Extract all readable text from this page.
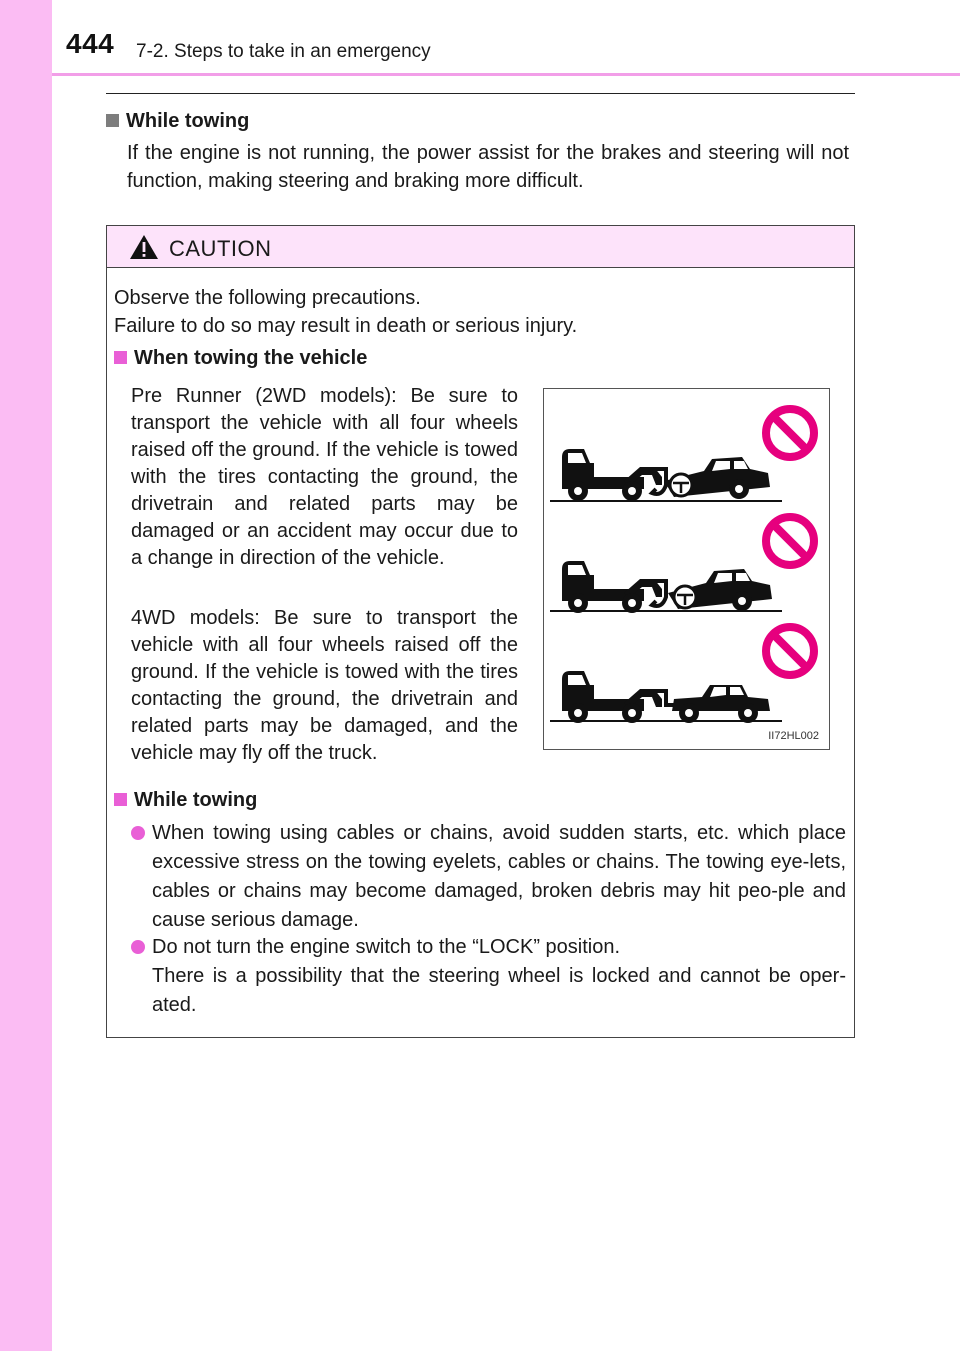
444 7-2. Steps to take in an emergency
While towing
If the engine is not running, the power assist for the brakes and steering will not function, making steering and braking more difficult.
CAUTION
Observe the following precautions.
Failure to do so may result in death or serious injury.
When towing the vehicle
Pre Runner (2WD models): Be sure to transport the vehicle with all four wheels raised off the ground. If the vehicle is towed with the tires contacting the ground, the drivetrain and related parts may be damaged or an accident may occur due to a change in direction of the vehicle.
4WD models: Be sure to transport the vehicle with all four wheels raised off the ground. If the vehicle is towed with the tires contacting the ground, the drivetrain and related parts may be damaged, and the vehicle may fly off the truck.
II72HL002
While towing
When towing using cables or chains, avoid sudden starts, etc. which place excessive stress on the towing eyelets, cables or chains. The towing eye-lets, cables or chains may become damaged, broken debris may hit peo-ple and cause serious damage.
Do not turn the engine switch to the “LOCK” position.
There is a possibility that the steering wheel is locked and cannot be oper-ated.
